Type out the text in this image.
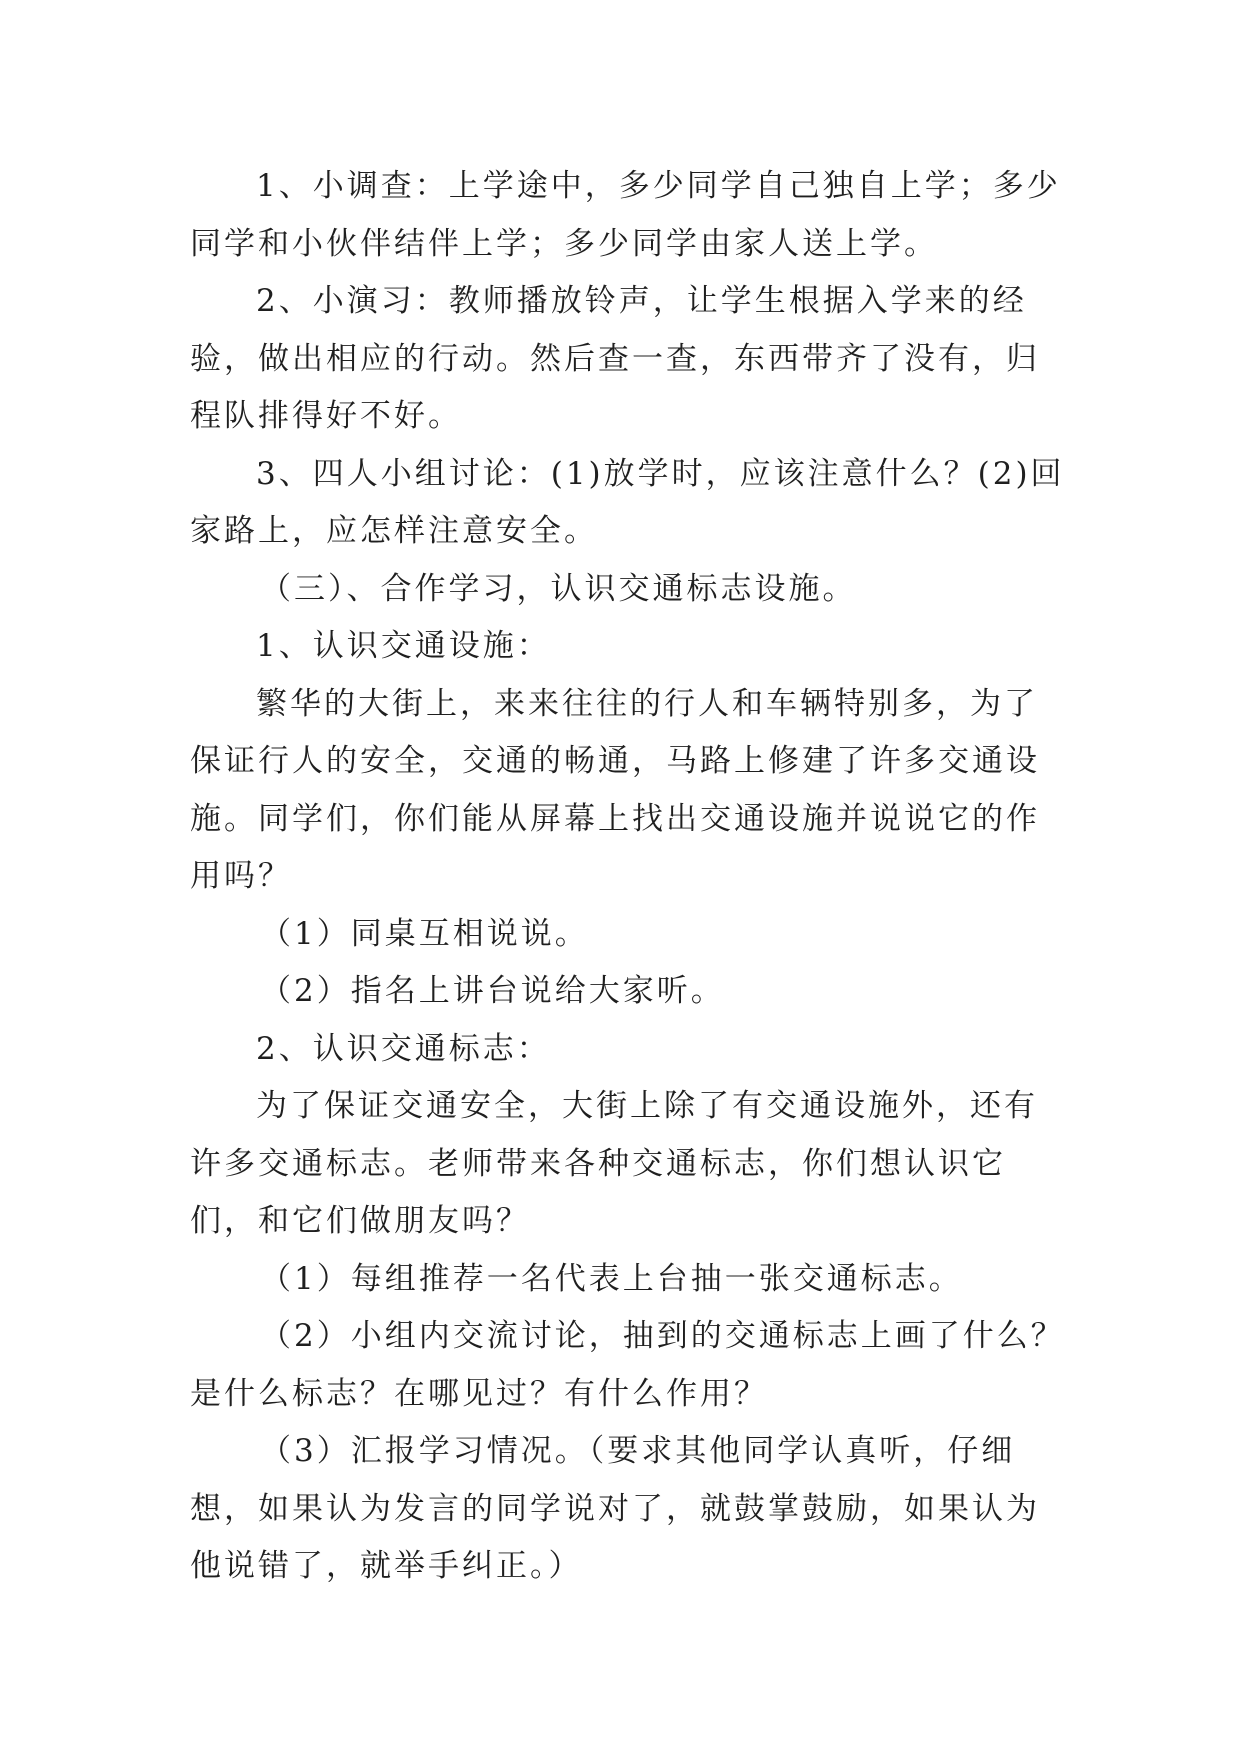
1、小调查：上学途中，多少同学自己独自上学；多少同学和小伙伴结伴上学；多少同学由家人送上学。

2、小演习：教师播放铃声，让学生根据入学来的经验，做出相应的行动。然后查一查，东西带齐了没有，归程队排得好不好。

3、四人小组讨论：(1)放学时，应该注意什么？(2)回家路上，应怎样注意安全。

（三）、合作学习，认识交通标志设施。

1、认识交通设施：

繁华的大街上，来来往往的行人和车辆特别多，为了保证行人的安全，交通的畅通，马路上修建了许多交通设施。同学们，你们能从屏幕上找出交通设施并说说它的作用吗？

（1）同桌互相说说。

（2）指名上讲台说给大家听。

2、认识交通标志：

为了保证交通安全，大街上除了有交通设施外，还有许多交通标志。老师带来各种交通标志，你们想认识它们，和它们做朋友吗？

（1）每组推荐一名代表上台抽一张交通标志。

（2）小组内交流讨论，抽到的交通标志上画了什么？是什么标志？在哪见过？有什么作用？

（3）汇报学习情况。（要求其他同学认真听，仔细想，如果认为发言的同学说对了，就鼓掌鼓励，如果认为他说错了，就举手纠正。）
